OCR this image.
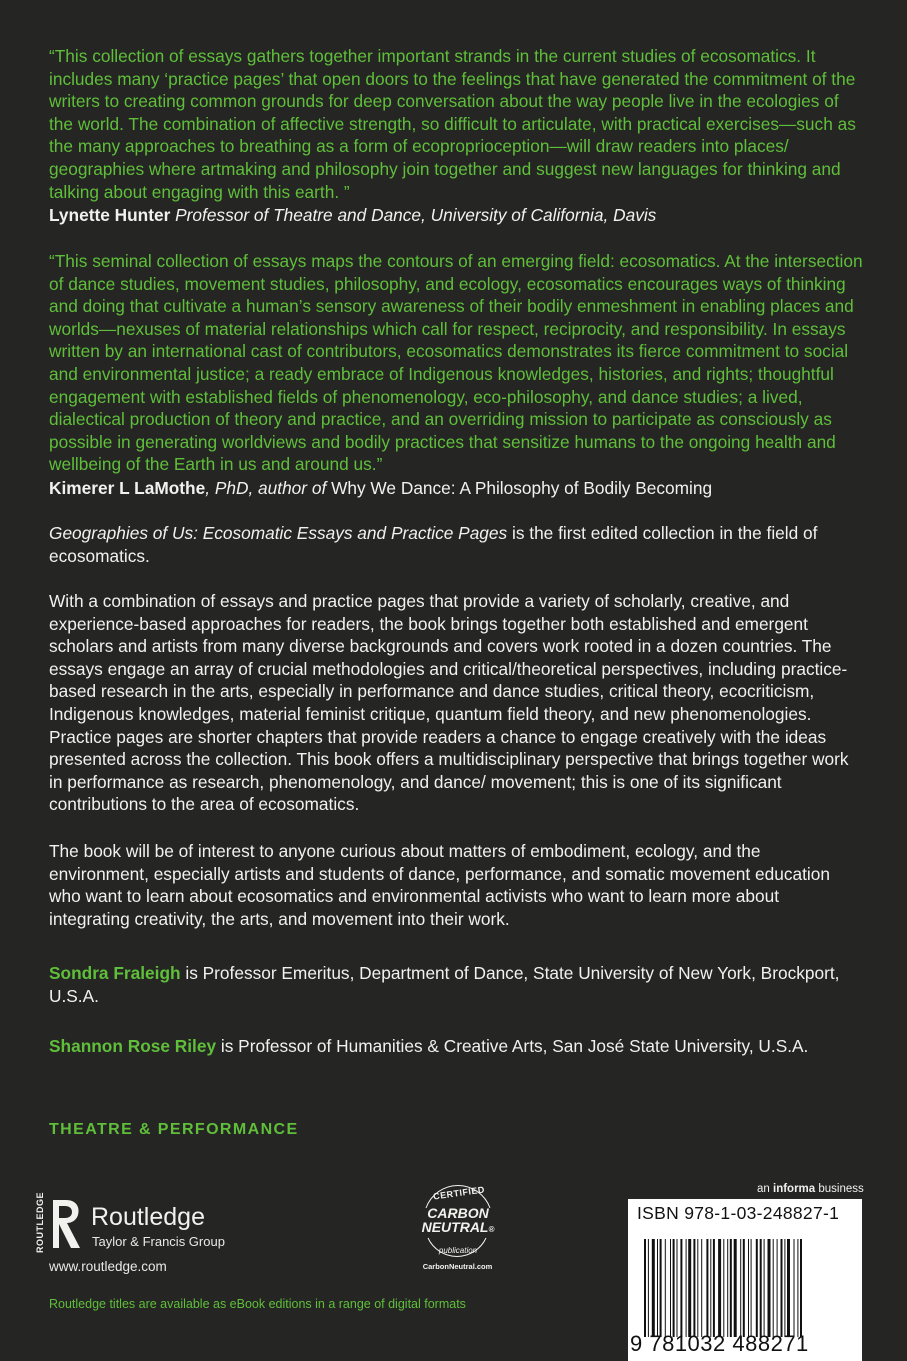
“This collection of essays gathers together important strands in the current studies of ecosomatics. It includes many ‘practice pages’ that open doors to the feelings that have generated the commitment of the writers to creating common grounds for deep conversation about the way people live in the ecologies of the world. The combination of affective strength, so difficult to articulate, with practical exercises—such as the many approaches to breathing as a form of ecoproprioception—will draw readers into places/ geographies where artmaking and philosophy join together and suggest new languages for thinking and talking about engaging with this earth. ”
Lynette Hunter Professor of Theatre and Dance, University of California, Davis
“This seminal collection of essays maps the contours of an emerging field: ecosomatics. At the intersection of dance studies, movement studies, philosophy, and ecology, ecosomatics encourages ways of thinking and doing that cultivate a human’s sensory awareness of their bodily enmeshment in enabling places and worlds—nexuses of material relationships which call for respect, reciprocity, and responsibility. In essays written by an international cast of contributors, ecosomatics demonstrates its fierce commitment to social and environmental justice; a ready embrace of Indigenous knowledges, histories, and rights; thoughtful engagement with established fields of phenomenology, eco-philosophy, and dance studies; a lived, dialectical production of theory and practice, and an overriding mission to participate as consciously as possible in generating worldviews and bodily practices that sensitize humans to the ongoing health and wellbeing of the Earth in us and around us.”
Kimerer L LaMothe, PhD, author of Why We Dance: A Philosophy of Bodily Becoming
Geographies of Us: Ecosomatic Essays and Practice Pages is the first edited collection in the field of ecosomatics.
With a combination of essays and practice pages that provide a variety of scholarly, creative, and experience-based approaches for readers, the book brings together both established and emergent scholars and artists from many diverse backgrounds and covers work rooted in a dozen countries. The essays engage an array of crucial methodologies and critical/theoretical perspectives, including practice-based research in the arts, especially in performance and dance studies, critical theory, ecocriticism, Indigenous knowledges, material feminist critique, quantum field theory, and new phenomenologies. Practice pages are shorter chapters that provide readers a chance to engage creatively with the ideas presented across the collection. This book offers a multidisciplinary perspective that brings together work in performance as research, phenomenology, and dance/ movement; this is one of its significant contributions to the area of ecosomatics.
The book will be of interest to anyone curious about matters of embodiment, ecology, and the environment, especially artists and students of dance, performance, and somatic movement education who want to learn about ecosomatics and environmental activists who want to learn more about integrating creativity, the arts, and movement into their work.
Sondra Fraleigh is Professor Emeritus, Department of Dance, State University of New York, Brockport, U.S.A.
Shannon Rose Riley is Professor of Humanities & Creative Arts, San José State University, U.S.A.
THEATRE & PERFORMANCE
ROUTLEDGE Routledge
Taylor & Francis Group
www.routledge.com
Routledge titles are available as eBook editions in a range of digital formats
CERTIFIED
CARBON
NEUTRAL®
publication
CarbonNeutral.com
an informa business
ISBN 978-1-03-248827-1
9 781032 488271
